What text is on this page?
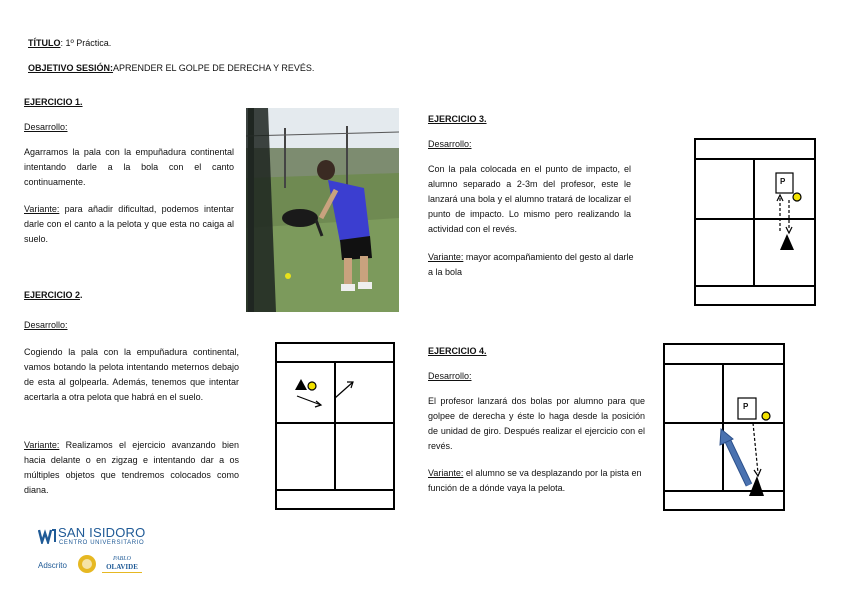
TÍTULO: 1º Práctica.
OBJETIVO SESIÓN:APRENDER EL GOLPE DE DERECHA Y REVÉS.
EJERCICIO 1.
Desarrollo:
Agarramos la pala con la empuñadura continental intentando darle a la bola con el canto continuamente.
Variante: para añadir dificultad, podemos intentar darle con el canto a la pelota y que esta no caiga al suelo.
EJERCICIO 2.
Desarrollo:
Cogiendo la pala con la empuñadura continental, vamos botando la pelota intentando meternos debajo de esta al golpearla. Además, tenemos que intentar acertarla a otra pelota que habrá en el suelo.
Variante: Realizamos el ejercicio avanzando bien hacia delante o en zigzag e intentando dar a os múltiples objetos que tendremos colocados como diana.
EJERCICIO 3.
Desarrollo:
Con la pala colocada en el punto de impacto, el alumno separado a 2-3m del profesor, este le lanzará una bola y el alumno tratará de localizar el punto de impacto. Lo mismo pero realizando la actividad con el revés.
Variante: mayor acompañamiento del gesto al darle a la bola
P
EJERCICIO 4.
Desarrollo:
El profesor lanzará dos bolas por alumno para que golpee de derecha y éste lo haga desde la posición de unidad de giro. Después realizar el ejercicio con el revés.
Variante: el alumno se va desplazando por la pista en función de a dónde vaya la pelota.
P
SAN ISIDORO
CENTRO UNIVERSITARIO
Adscrito
PABLO
OLAVIDE
